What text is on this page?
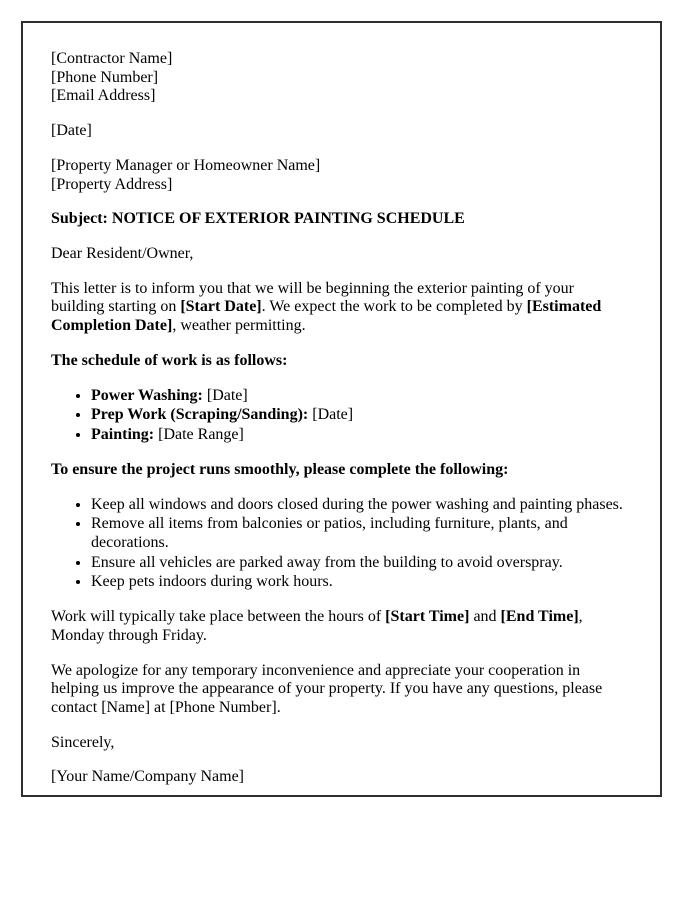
[Contractor Name]
[Phone Number]
[Email Address]

[Date]

[Property Manager or Homeowner Name]
[Property Address]

Subject: NOTICE OF EXTERIOR PAINTING SCHEDULE

Dear Resident/Owner,

This letter is to inform you that we will be beginning the exterior painting of your building starting on [Start Date]. We expect the work to be completed by [Estimated Completion Date], weather permitting.

The schedule of work is as follows:

• Power Washing: [Date]
• Prep Work (Scraping/Sanding): [Date]
• Painting: [Date Range]

To ensure the project runs smoothly, please complete the following:

• Keep all windows and doors closed during the power washing and painting phases.
• Remove all items from balconies or patios, including furniture, plants, and decorations.
• Ensure all vehicles are parked away from the building to avoid overspray.
• Keep pets indoors during work hours.

Work will typically take place between the hours of [Start Time] and [End Time], Monday through Friday.

We apologize for any temporary inconvenience and appreciate your cooperation in helping us improve the appearance of your property. If you have any questions, please contact [Name] at [Phone Number].

Sincerely,

[Your Name/Company Name]
